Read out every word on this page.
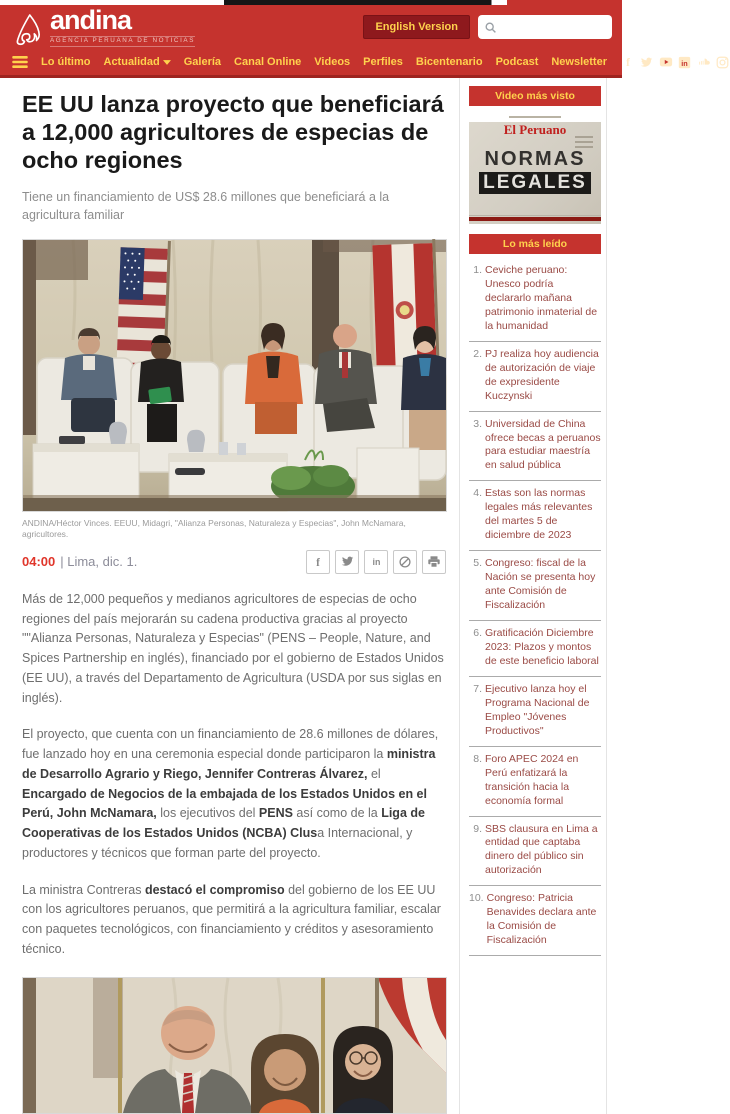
andina
AGENCIA PERUANA DE NOTICIAS
English Version
Lo último Actualidad	Galería Canal Online Videos Perfiles Bicentenario Podcast Newsletter f	in
EE UU lanza proyecto que beneficiará a 12,000 agricultores de especias de ocho regiones
Tiene un financiamiento de US$ 28.6 millones que beneficiará a la agricultura familiar
ANDINA/Héctor Vinces. EEUU, Midagri, "Alianza Personas, Naturaleza y Especias", John McNamara, agricultores.
04:00 | Lima, dic. 1.	f	in

Más de 12,000 pequeños y medianos agricultores de especias de ocho regiones del país mejorarán su cadena productiva gracias al proyecto ""Alianza Personas, Naturaleza y Especias" (PENS – People, Nature, and Spices Partnership en inglés), financiado por el gobierno de Estados Unidos (EE UU), a través del Departamento de Agricultura (USDA por sus siglas en inglés).

El proyecto, que cuenta con un financiamiento de 28.6 millones de dólares, fue lanzado hoy en una ceremonia especial donde participaron la ministra de Desarrollo Agrario y Riego, Jennifer Contreras Álvarez, el Encargado de Negocios de la embajada de los Estados Unidos en el Perú, John McNamara, los ejecutivos del PENS así como de la Liga de Cooperativas de los Estados Unidos (NCBA) Clusa Internacional, y productores y técnicos que forman parte del proyecto.

La ministra Contreras destacó el compromiso del gobierno de los EE UU con los agricultores peruanos, que permitirá a la agricultura familiar, escalar con paquetes tecnológicos, con financiamiento y créditos y asesoramiento técnico.

Video más visto
El Peruano
NORMAS
LEGALES
Lo más leído
1. Ceviche peruano: Unesco podría declararlo mañana patrimonio inmaterial de la humanidad
2. PJ realiza hoy audiencia de autorización de viaje de expresidente Kuczynski
3. Universidad de China ofrece becas a peruanos para estudiar maestría en salud pública
4. Estas son las normas legales más relevantes del martes 5 de diciembre de 2023
5. Congreso: fiscal de la Nación se presenta hoy ante Comisión de Fiscalización
6. Gratificación Diciembre 2023: Plazos y montos de este beneficio laboral
7. Ejecutivo lanza hoy el Programa Nacional de Empleo "Jóvenes Productivos"
8. Foro APEC 2024 en Perú enfatizará la transición hacia la economía formal
9. SBS clausura en Lima a entidad que captaba dinero del público sin autorización
10. Congreso: Patricia Benavides declara ante la Comisión de Fiscalización
